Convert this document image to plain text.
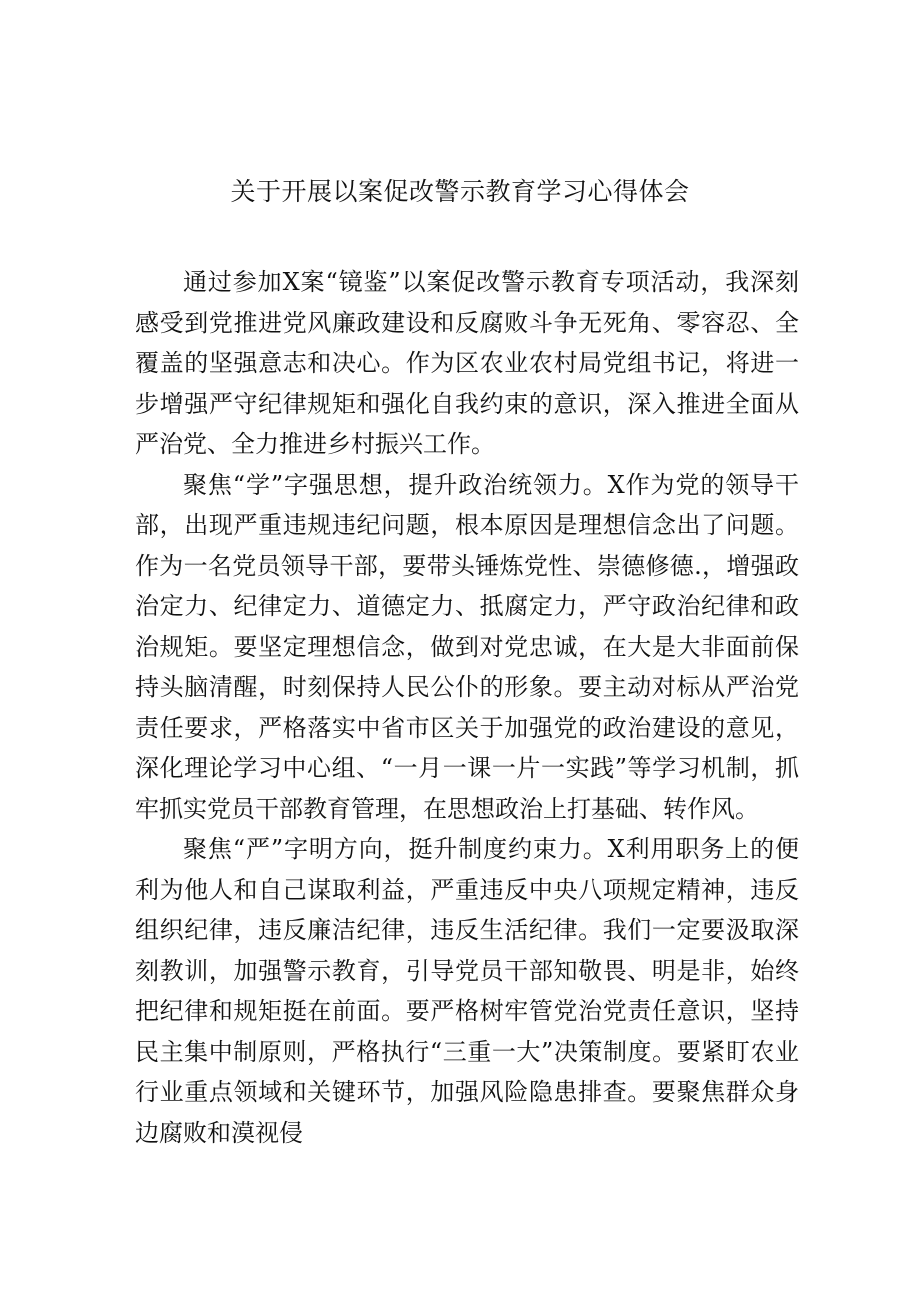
关于开展以案促改警示教育学习心得体会

通过参加X案“镜鉴”以案促改警示教育专项活动，我深刻感受到党推进党风廉政建设和反腐败斗争无死角、零容忍、全覆盖的坚强意志和决心。作为区农业农村局党组书记，将进一步增强严守纪律规矩和强化自我约束的意识，深入推进全面从严治党、全力推进乡村振兴工作。

聚焦“学”字强思想，提升政治统领力。X作为党的领导干部，出现严重违规违纪问题，根本原因是理想信念出了问题。作为一名党员领导干部，要带头锤炼党性、崇德修德.，增强政治定力、纪律定力、道德定力、抵腐定力，严守政治纪律和政治规矩。要坚定理想信念，做到对党忠诚，在大是大非面前保持头脑清醒，时刻保持人民公仆的形象。要主动对标从严治党责任要求，严格落实中省市区关于加强党的政治建设的意见，深化理论学习中心组、“一月一课一片一实践”等学习机制，抓牢抓实党员干部教育管理，在思想政治上打基础、转作风。

聚焦“严”字明方向，挺升制度约束力。X利用职务上的便利为他人和自己谋取利益，严重违反中央八项规定精神，违反组织纪律，违反廉洁纪律，违反生活纪律。我们一定要汲取深刻教训，加强警示教育，引导党员干部知敬畏、明是非，始终把纪律和规矩挺在前面。要严格树牢管党治党责任意识，坚持民主集中制原则，严格执行“三重一大”决策制度。要紧盯农业行业重点领域和关键环节，加强风险隐患排查。要聚焦群众身边腐败和漠视侵
